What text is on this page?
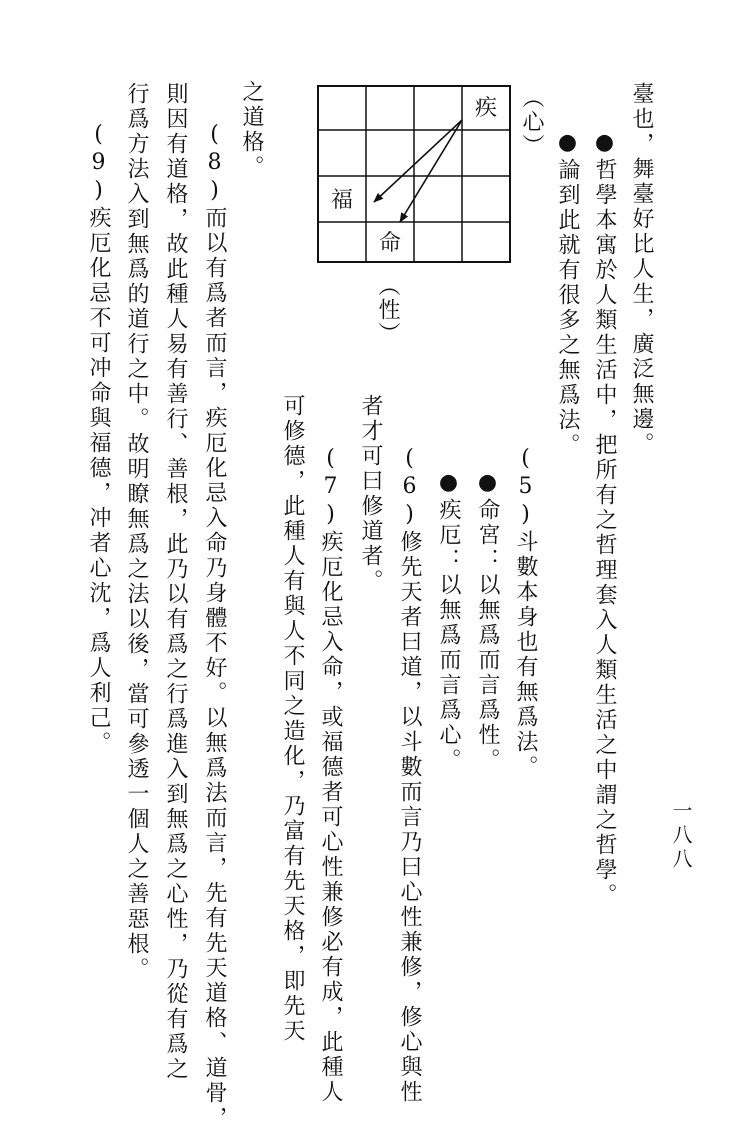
一八八
臺也，舞臺好比人生，廣泛無邊。
●哲學本寓於人類生活中，把所有之哲理套入人類生活之中謂之哲學。
●論到此就有很多之無爲法。
(5)斗數本身也有無爲法。
●命宮：以無爲而言爲性。
●疾厄：以無爲而言爲心。
(6)修先天者曰道，以斗數而言乃曰心性兼修，修心與性
者才可曰修道者。
(7)疾厄化忌入命，或福德者可心性兼修必有成，此種人
可修德，此種人有與人不同之造化，乃富有先天格，即先天
之道格。
(8)而以有爲者而言，疾厄化忌入命乃身體不好。以無爲法而言，先有先天道格、道骨，
則因有道格，故此種人易有善行、善根，此乃以有爲之行爲進入到無爲之心性，乃從有爲之
行爲方法入到無爲的道行之中。故明瞭無爲之法以後，當可參透一個人之善惡根。
(9)疾厄化忌不可冲命與福德，冲者心沈，爲人利己。	（心）
（性）
疾
福
命
